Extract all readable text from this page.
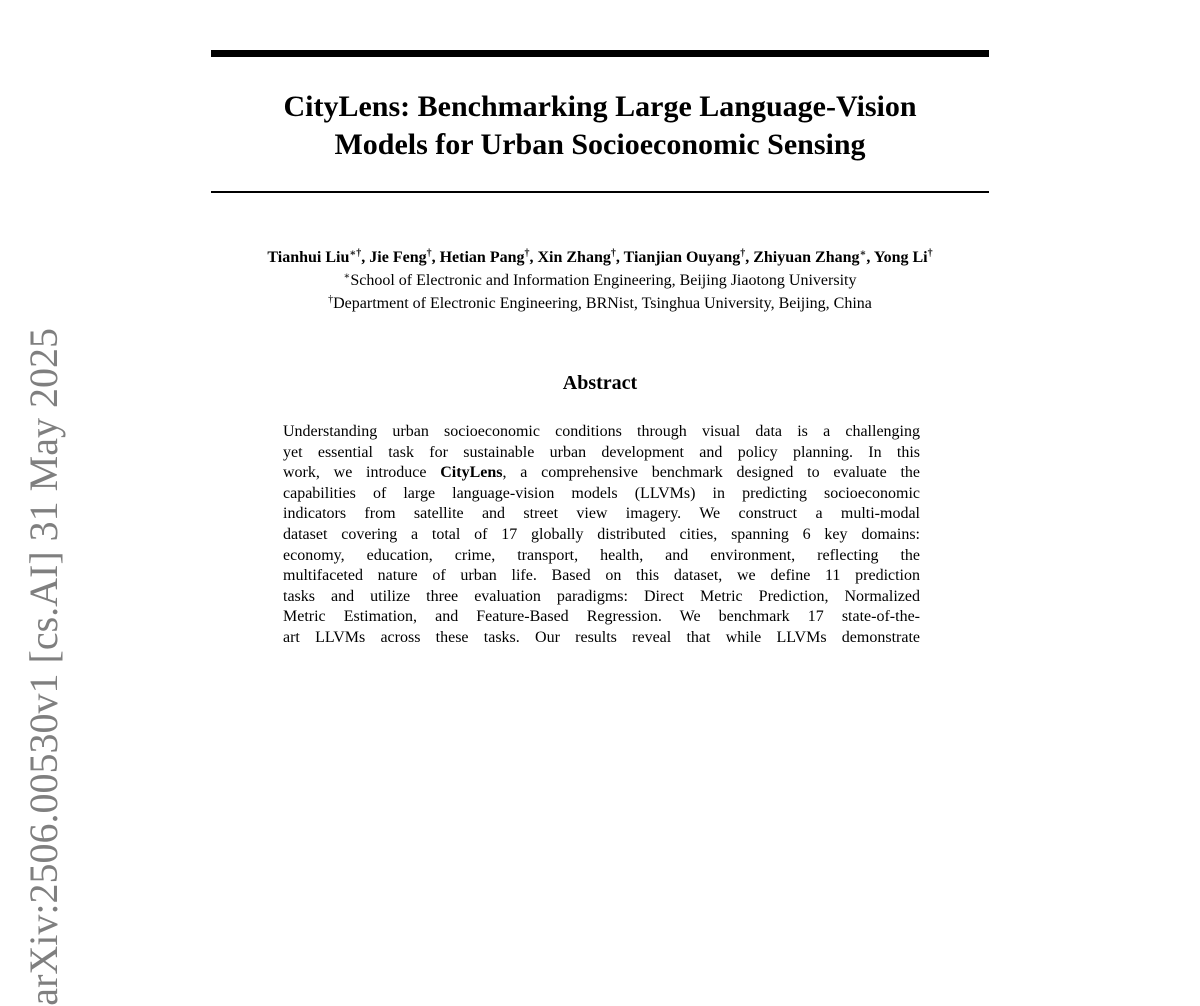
CityLens: Benchmarking Large Language-Vision
Models for Urban Socioeconomic Sensing
Tianhui Liu∗†, Jie Feng†, Hetian Pang†, Xin Zhang†, Tianjian Ouyang†, Zhiyuan Zhang∗, Yong Li†
∗School of Electronic and Information Engineering, Beijing Jiaotong University
†Department of Electronic Engineering, BRNist, Tsinghua University, Beijing, China
Abstract
Understanding urban socioeconomic conditions through visual data is a challenging
yet essential task for sustainable urban development and policy planning. In this
work, we introduce CityLens, a comprehensive benchmark designed to evaluate the
capabilities of large language-vision models (LLVMs) in predicting socioeconomic
indicators from satellite and street view imagery. We construct a multi-modal
dataset covering a total of 17 globally distributed cities, spanning 6 key domains:
economy, education, crime, transport, health, and environment, reflecting the
multifaceted nature of urban life. Based on this dataset, we define 11 prediction
tasks and utilize three evaluation paradigms: Direct Metric Prediction, Normalized
Metric Estimation, and Feature-Based Regression. We benchmark 17 state-of-the-
art LLVMs across these tasks. Our results reveal that while LLVMs demonstrate
arXiv:2506.00530v1 [cs.AI] 31 May 2025
